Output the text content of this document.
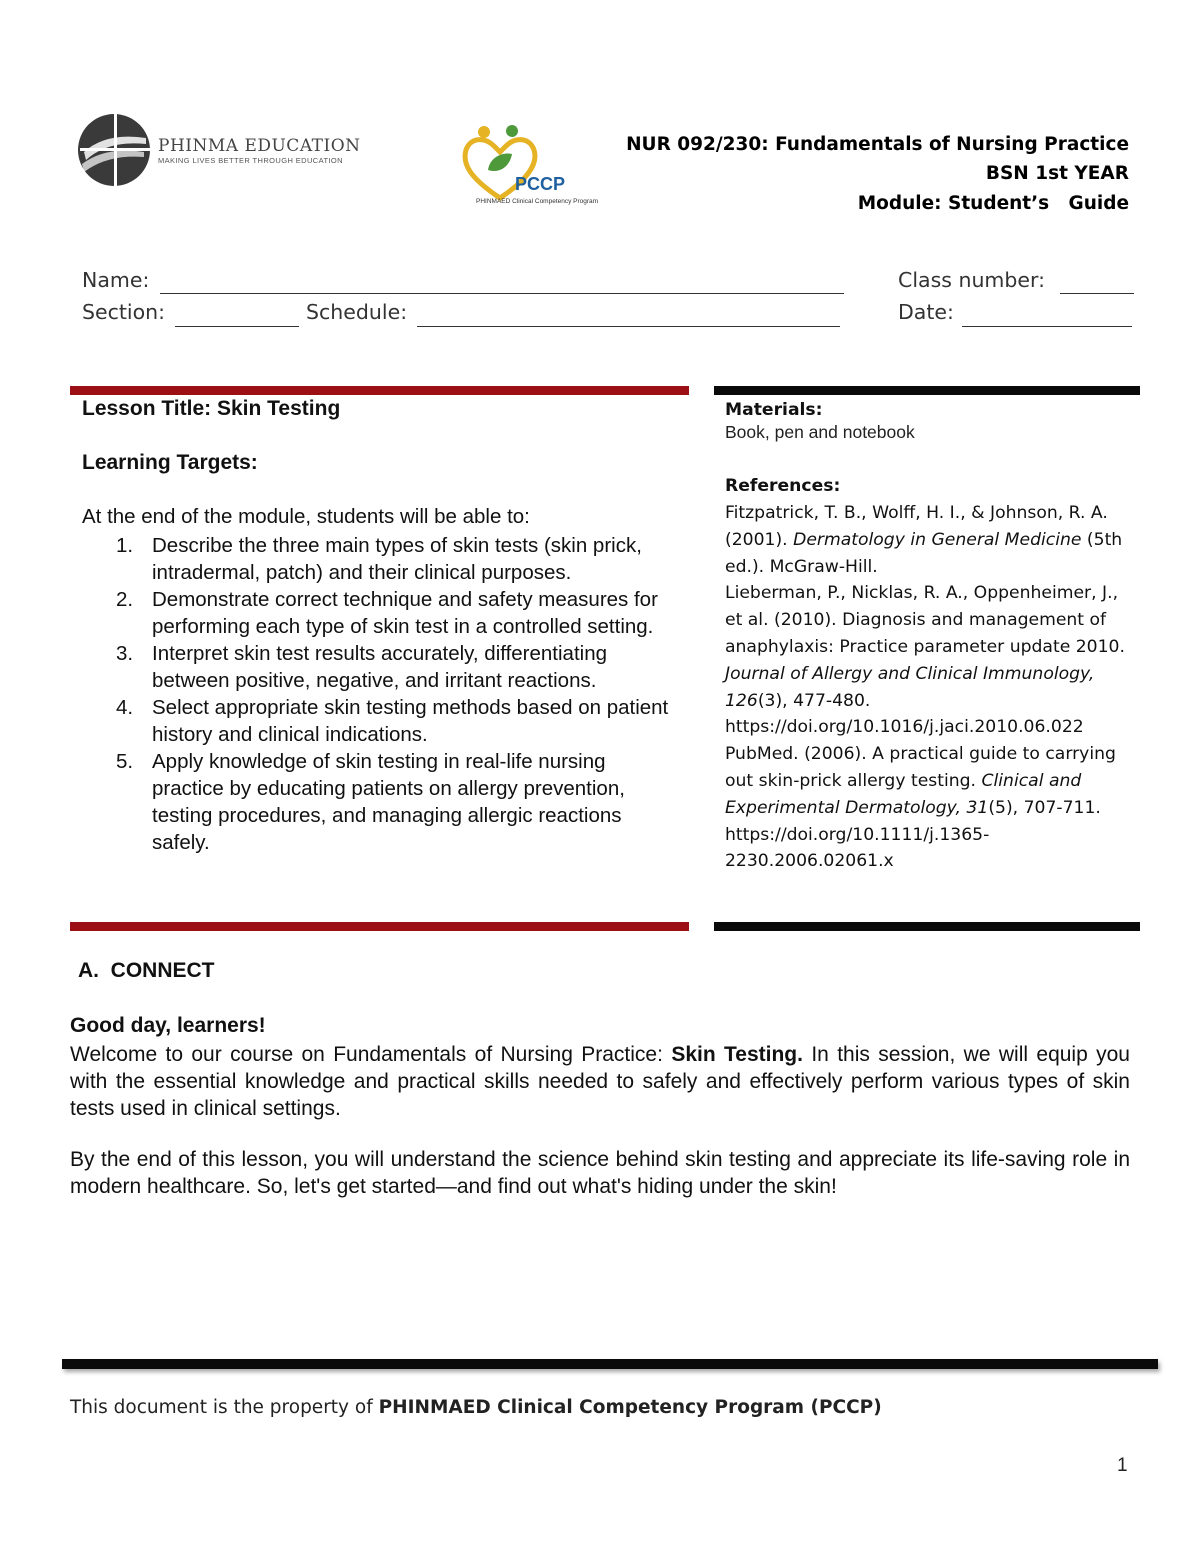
PHINMA EDUCATION
MAKING LIVES BETTER THROUGH EDUCATION
PCCP
PHINMAED Clinical Competency Program
NUR 092/230: Fundamentals of Nursing Practice
BSN 1st YEAR
Module: Student’s   Guide
Name:	Class number:
Section:	Schedule:	Date:
Lesson Title: Skin Testing
Learning Targets:
At the end of the module, students will be able to:
1. Describe the three main types of skin tests (skin prick, intradermal, patch) and their clinical purposes.
2. Demonstrate correct technique and safety measures for performing each type of skin test in a controlled setting.
3. Interpret skin test results accurately, differentiating between positive, negative, and irritant reactions.
4. Select appropriate skin testing methods based on patient history and clinical indications.
5. Apply knowledge of skin testing in real-life nursing practice by educating patients on allergy prevention, testing procedures, and managing allergic reactions safely.
Materials:
Book, pen and notebook
References:

Fitzpatrick, T. B., Wolff, H. I., & Johnson, R. A. (2001). Dermatology in General Medicine (5th ed.). McGraw-Hill.

Lieberman, P., Nicklas, R. A., Oppenheimer, J., et al. (2010). Diagnosis and management of anaphylaxis: Practice parameter update 2010. Journal of Allergy and Clinical Immunology, 126(3), 477-480. https://doi.org/10.1016/j.jaci.2010.06.022

PubMed. (2006). A practical guide to carrying out skin-prick allergy testing. Clinical and Experimental Dermatology, 31(5), 707-711. https://doi.org/10.1111/j.1365-2230.2006.02061.x

A.  CONNECT
Good day, learners!
Welcome to our course on Fundamentals of Nursing Practice: Skin Testing. In this session, we will equip you with the essential knowledge and practical skills needed to safely and effectively perform various types of skin tests used in clinical settings.
By the end of this lesson, you will understand the science behind skin testing and appreciate its life-saving role in modern healthcare. So, let's get started—and find out what's hiding under the skin!
This document is the property of PHINMAED Clinical Competency Program (PCCP)
1
